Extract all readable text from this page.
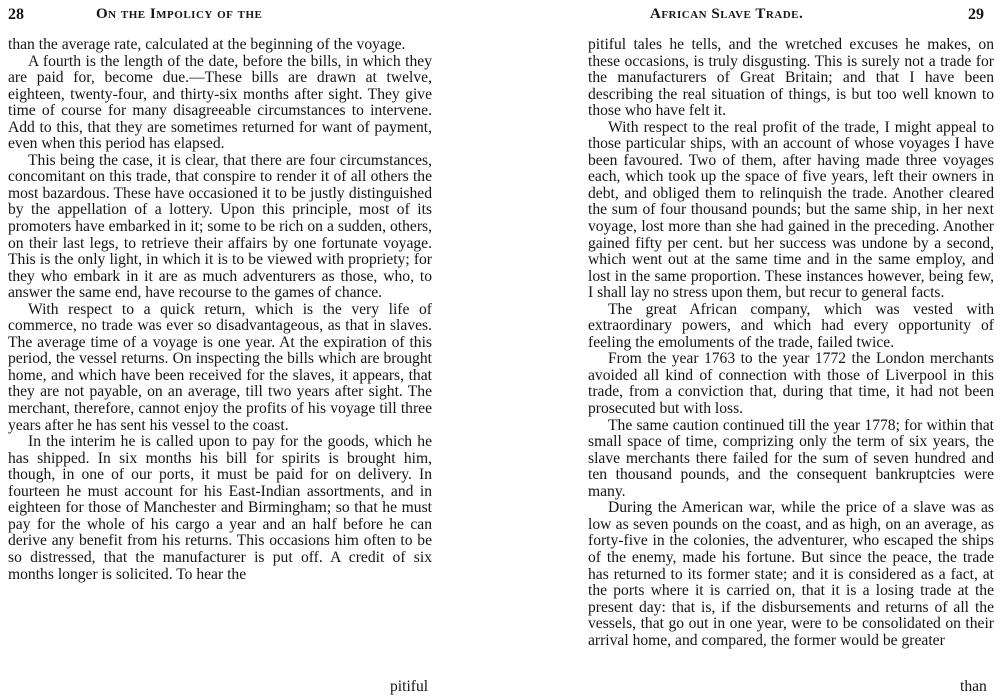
28	On the Impolicy of the

than the average rate, calculated at the beginning of the voyage.

A fourth is the length of the date, before the bills, in which they are paid for, become due.—These bills are drawn at twelve, eighteen, twenty-four, and thirty-six months after sight. They give time of course for many disagreeable circumstances to intervene. Add to this, that they are sometimes returned for want of payment, even when this period has elapsed.

This being the case, it is clear, that there are four circumstances, concomitant on this trade, that conspire to render it of all others the most bazardous. These have occasioned it to be justly distinguished by the appellation of a lottery. Upon this principle, most of its promoters have embarked in it; some to be rich on a sudden, others, on their last legs, to retrieve their affairs by one fortunate voyage. This is the only light, in which it is to be viewed with propriety; for they who embark in it are as much adventurers as those, who, to answer the same end, have recourse to the games of chance.

With respect to a quick return, which is the very life of commerce, no trade was ever so disadvantageous, as that in slaves. The average time of a voyage is one year. At the expiration of this period, the vessel returns. On inspecting the bills which are brought home, and which have been received for the slaves, it appears, that they are not payable, on an average, till two years after sight. The merchant, therefore, cannot enjoy the profits of his voyage till three years after he has sent his vessel to the coast.

In the interim he is called upon to pay for the goods, which he has shipped. In six months his bill for spirits is brought him, though, in one of our ports, it must be paid for on delivery. In fourteen he must account for his East-Indian assortments, and in eighteen for those of Manchester and Birmingham; so that he must pay for the whole of his cargo a year and an half before he can derive any benefit from his returns. This occasions him often to be so distressed, that the manufacturer is put off. A credit of six months longer is solicited. To hear the

pitiful
African Slave Trade.	29

pitiful tales he tells, and the wretched excuses he makes, on these occasions, is truly disgusting. This is surely not a trade for the manufacturers of Great Britain; and that I have been describing the real situation of things, is but too well known to those who have felt it.

With respect to the real profit of the trade, I might appeal to those particular ships, with an account of whose voyages I have been favoured. Two of them, after having made three voyages each, which took up the space of five years, left their owners in debt, and obliged them to relinquish the trade. Another cleared the sum of four thousand pounds; but the same ship, in her next voyage, lost more than she had gained in the preceding. Another gained fifty per cent. but her success was undone by a second, which went out at the same time and in the same employ, and lost in the same proportion. These instances however, being few, I shall lay no stress upon them, but recur to general facts.

The great African company, which was vested with extraordinary powers, and which had every opportunity of feeling the emoluments of the trade, failed twice.

From the year 1763 to the year 1772 the London merchants avoided all kind of connection with those of Liverpool in this trade, from a conviction that, during that time, it had not been prosecuted but with loss.

The same caution continued till the year 1778; for within that small space of time, comprizing only the term of six years, the slave merchants there failed for the sum of seven hundred and ten thousand pounds, and the consequent bankruptcies were many.

During the American war, while the price of a slave was as low as seven pounds on the coast, and as high, on an average, as forty-five in the colonies, the adventurer, who escaped the ships of the enemy, made his fortune. But since the peace, the trade has returned to its former state; and it is considered as a fact, at the ports where it is carried on, that it is a losing trade at the present day: that is, if the disbursements and returns of all the vessels, that go out in one year, were to be consolidated on their arrival home, and compared, the former would be greater

than
